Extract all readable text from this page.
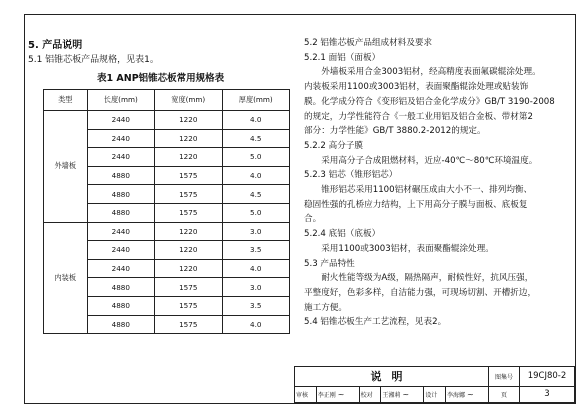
5. 产品说明
5.1 铝锥芯板产品规格，见表1。
表1 ANP铝锥芯板常用规格表
类型	长度(mm)	宽度(mm)	厚度(mm)
外墙板	2440	1220	4.0
	2440	1220	4.5
	2440	1220	5.0
	4880	1575	4.0
	4880	1575	4.5
	4880	1575	5.0
内装板	2440	1220	3.0
	2440	1220	3.5
	2440	1220	4.0
	4880	1575	3.0
	4880	1575	3.5
	4880	1575	4.0

5.2 铝锥芯板产品组成材料及要求

5.2.1 面铝（面板）

　　外墙板采用合金3003铝材，经高精度表面氟碳辊涂处理。

内装板采用1100或3003铝材，表面聚酯辊涂处理或贴装饰

膜。化学成分符合《变形铝及铝合金化学成分》GB/T 3190-2008

的规定，力学性能符合《一般工业用铝及铝合金板、带材第2

部分：力学性能》GB/T 3880.2-2012的规定。

5.2.2 高分子膜

　　采用高分子合成阻燃材料，近应-40℃～80℃环境温度。

5.2.3 铝芯（锥形铝芯）

　　锥形铝芯采用1100铝材碾压成由大小不一、排列均衡、

稳固性强的孔桥应力结构，上下用高分子膜与面板、底板复

合。

5.2.4 底铝（底板）

　　采用1100或3003铝材，表面聚酯辊涂处理。

5.3 产品特性

　　耐火性能等级为A级，隔热隔声，耐候性好，抗风压强，

平整度好，色彩多样，自洁能力强，可现场切割、开槽折边，

施工方便。

5.4 铝锥芯板生产工艺流程，见表2。

说明						图集号	19CJ80-2
审核	李正刚 ~	校对	王湘莉 ~	设计	李海娜 ~	页	3
